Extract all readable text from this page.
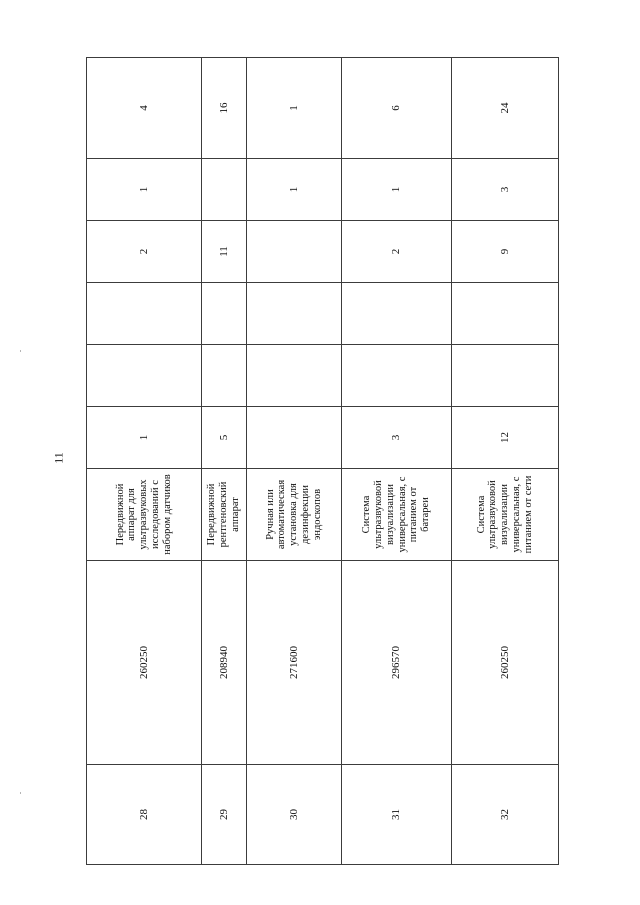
11
28	260250	Передвижной аппарат для ультразвуковых исследований с набором датчиков	1			2	1	4
29	208940	Передвижной рентгеновский аппарат	5			11		16
30	271600	Ручная или автоматическая установка для дезинфекции эндоскопов					1	1
31	296570	Система ультразвуковой визуализации универсальная, с питанием от батареи	3			2	1	6
32	260250	Система ультразвуковой визуализации универсальная, с питанием от сети	12			9	3	24
